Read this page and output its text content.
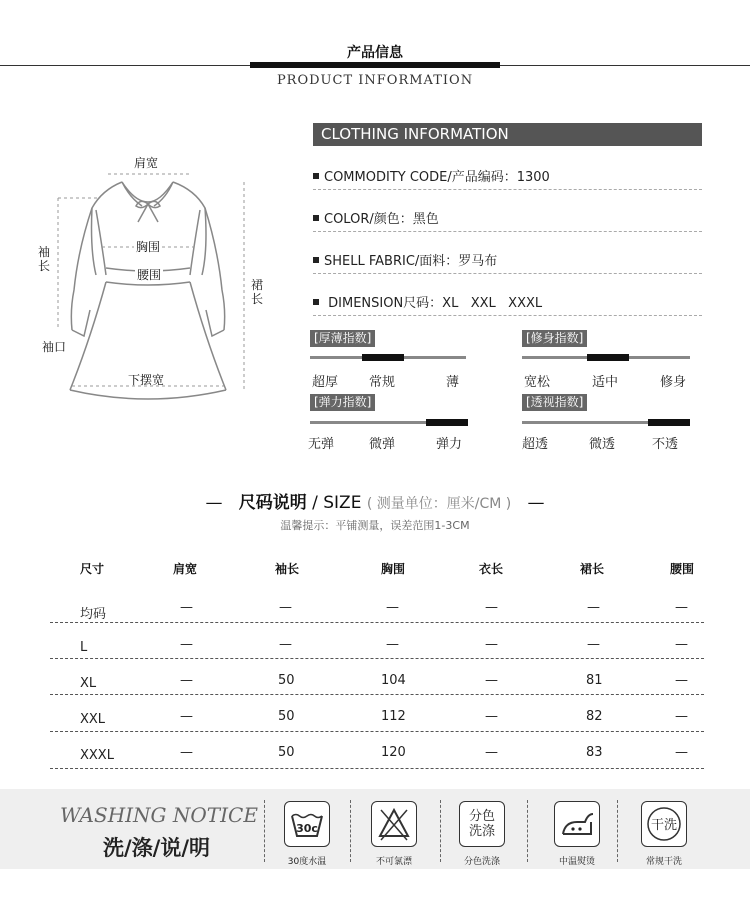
产品信息
PRODUCT INFORMATION
肩宽
袖长
胸围
腰围
裙长
袖口
下摆宽
CLOTHING INFORMATION
COMMODITY CODE/产品编码：1300
COLOR/颜色：黑色
SHELL FABRIC/面料：罗马布
DIMENSION尺码：XL   XXL   XXXL
[厚薄指数]
超厚 常规	薄
[修身指数]
宽松	适中	修身
[弹力指数]
无弹	微弹	弹力
[透视指数]
超透	微透	不透
— 尺码说明 / SIZE ( 测量单位：厘米/CM ) —
温馨提示：平铺测量，误差范围1-3CM
尺寸	肩宽	袖长	胸围	衣长	裙长	腰围
均码	—	—	—	—	—	—
L	—	—	—	—	—	—
XL	—	50	104	—	81	—
XXL	—	50	112	—	82	—
XXXL	—	50	120	—	83	—
WASHING NOTICE
洗/涤/说/明
30c
30度水温	不可氯漂
分色
洗涤
分色洗涤	中温熨烫
干洗
常规干洗
